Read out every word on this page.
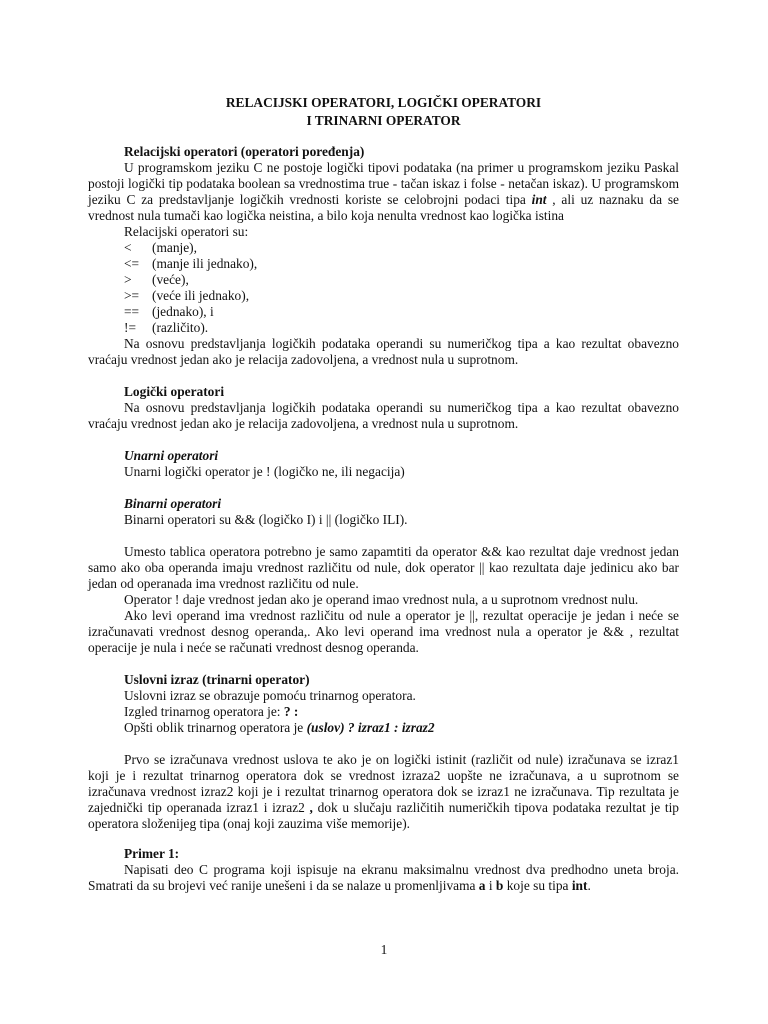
RELACIJSKI OPERATORI, LOGIČKI OPERATORI
I TRINARNI OPERATOR
Relacijski operatori (operatori poređenja)

U programskom jeziku C ne postoje logički tipovi podataka (na primer u programskom jeziku Paskal postoji logički tip podataka boolean sa vrednostima true - tačan iskaz i folse - netačan iskaz). U programskom jeziku C za predstavljanje logičkih vrednosti koriste se celobrojni podaci tipa int , ali uz naznaku da se vrednost nula tumači kao logička neistina, a bilo koja nenulta vrednost kao logička istina

Relacijski operatori su:

< (manje),
<= (manje ili jednako),
> (veće),
>= (veće ili jednako),
== (jednako), i
!= (različito).

Na osnovu predstavljanja logičkih podataka operandi su numeričkog tipa a kao rezultat obavezno vraćaju vrednost jedan ako je relacija zadovoljena, a vrednost nula u suprotnom.

Logički operatori

Na osnovu predstavljanja logičkih podataka operandi su numeričkog tipa a kao rezultat obavezno vraćaju vrednost jedan ako je relacija zadovoljena, a vrednost nula u suprotnom.

Unarni operatori

Unarni logički operator je ! (logičko ne, ili negacija)

Binarni operatori

Binarni operatori su && (logičko I) i || (logičko ILI).

Umesto tablica operatora potrebno je samo zapamtiti da operator && kao rezultat daje vrednost jedan samo ako oba operanda imaju vrednost različitu od nule, dok operator || kao rezultata daje jedinicu ako bar jedan od operanada ima vrednost različitu od nule.

Operator ! daje vrednost jedan ako je operand imao vrednost nula, a u suprotnom vrednost nulu.

Ako levi operand ima vrednost različitu od nule a operator je ||, rezultat operacije je jedan i neće se izračunavati vrednost desnog operanda,. Ako levi operand ima vrednost nula a operator je && , rezultat operacije je nula i neće se računati vrednost desnog operanda.

Uslovni izraz (trinarni operator)

Uslovni izraz se obrazuje pomoću trinarnog operatora.

Izgled trinarnog operatora je: ? :

Opšti oblik trinarnog operatora je (uslov) ? izraz1 : izraz2

Prvo se izračunava vrednost uslova te ako je on logički istinit (različit od nule) izračunava se izraz1 koji je i rezultat trinarnog operatora dok se vrednost izraza2 uopšte ne izračunava, a u suprotnom se izračunava vrednost izraz2 koji je i rezultat trinarnog operatora dok se izraz1 ne izračunava. Tip rezultata je zajednički tip operanada izraz1 i izraz2 , dok u slučaju različitih numeričkih tipova podataka rezultat je tip operatora složenijeg tipa (onaj koji zauzima više memorije).

Primer 1:

Napisati deo C programa koji ispisuje na ekranu maksimalnu vrednost dva predhodno uneta broja. Smatrati da su brojevi već ranije unešeni i da se nalaze u promenljivama a i b koje su tipa int.

1
